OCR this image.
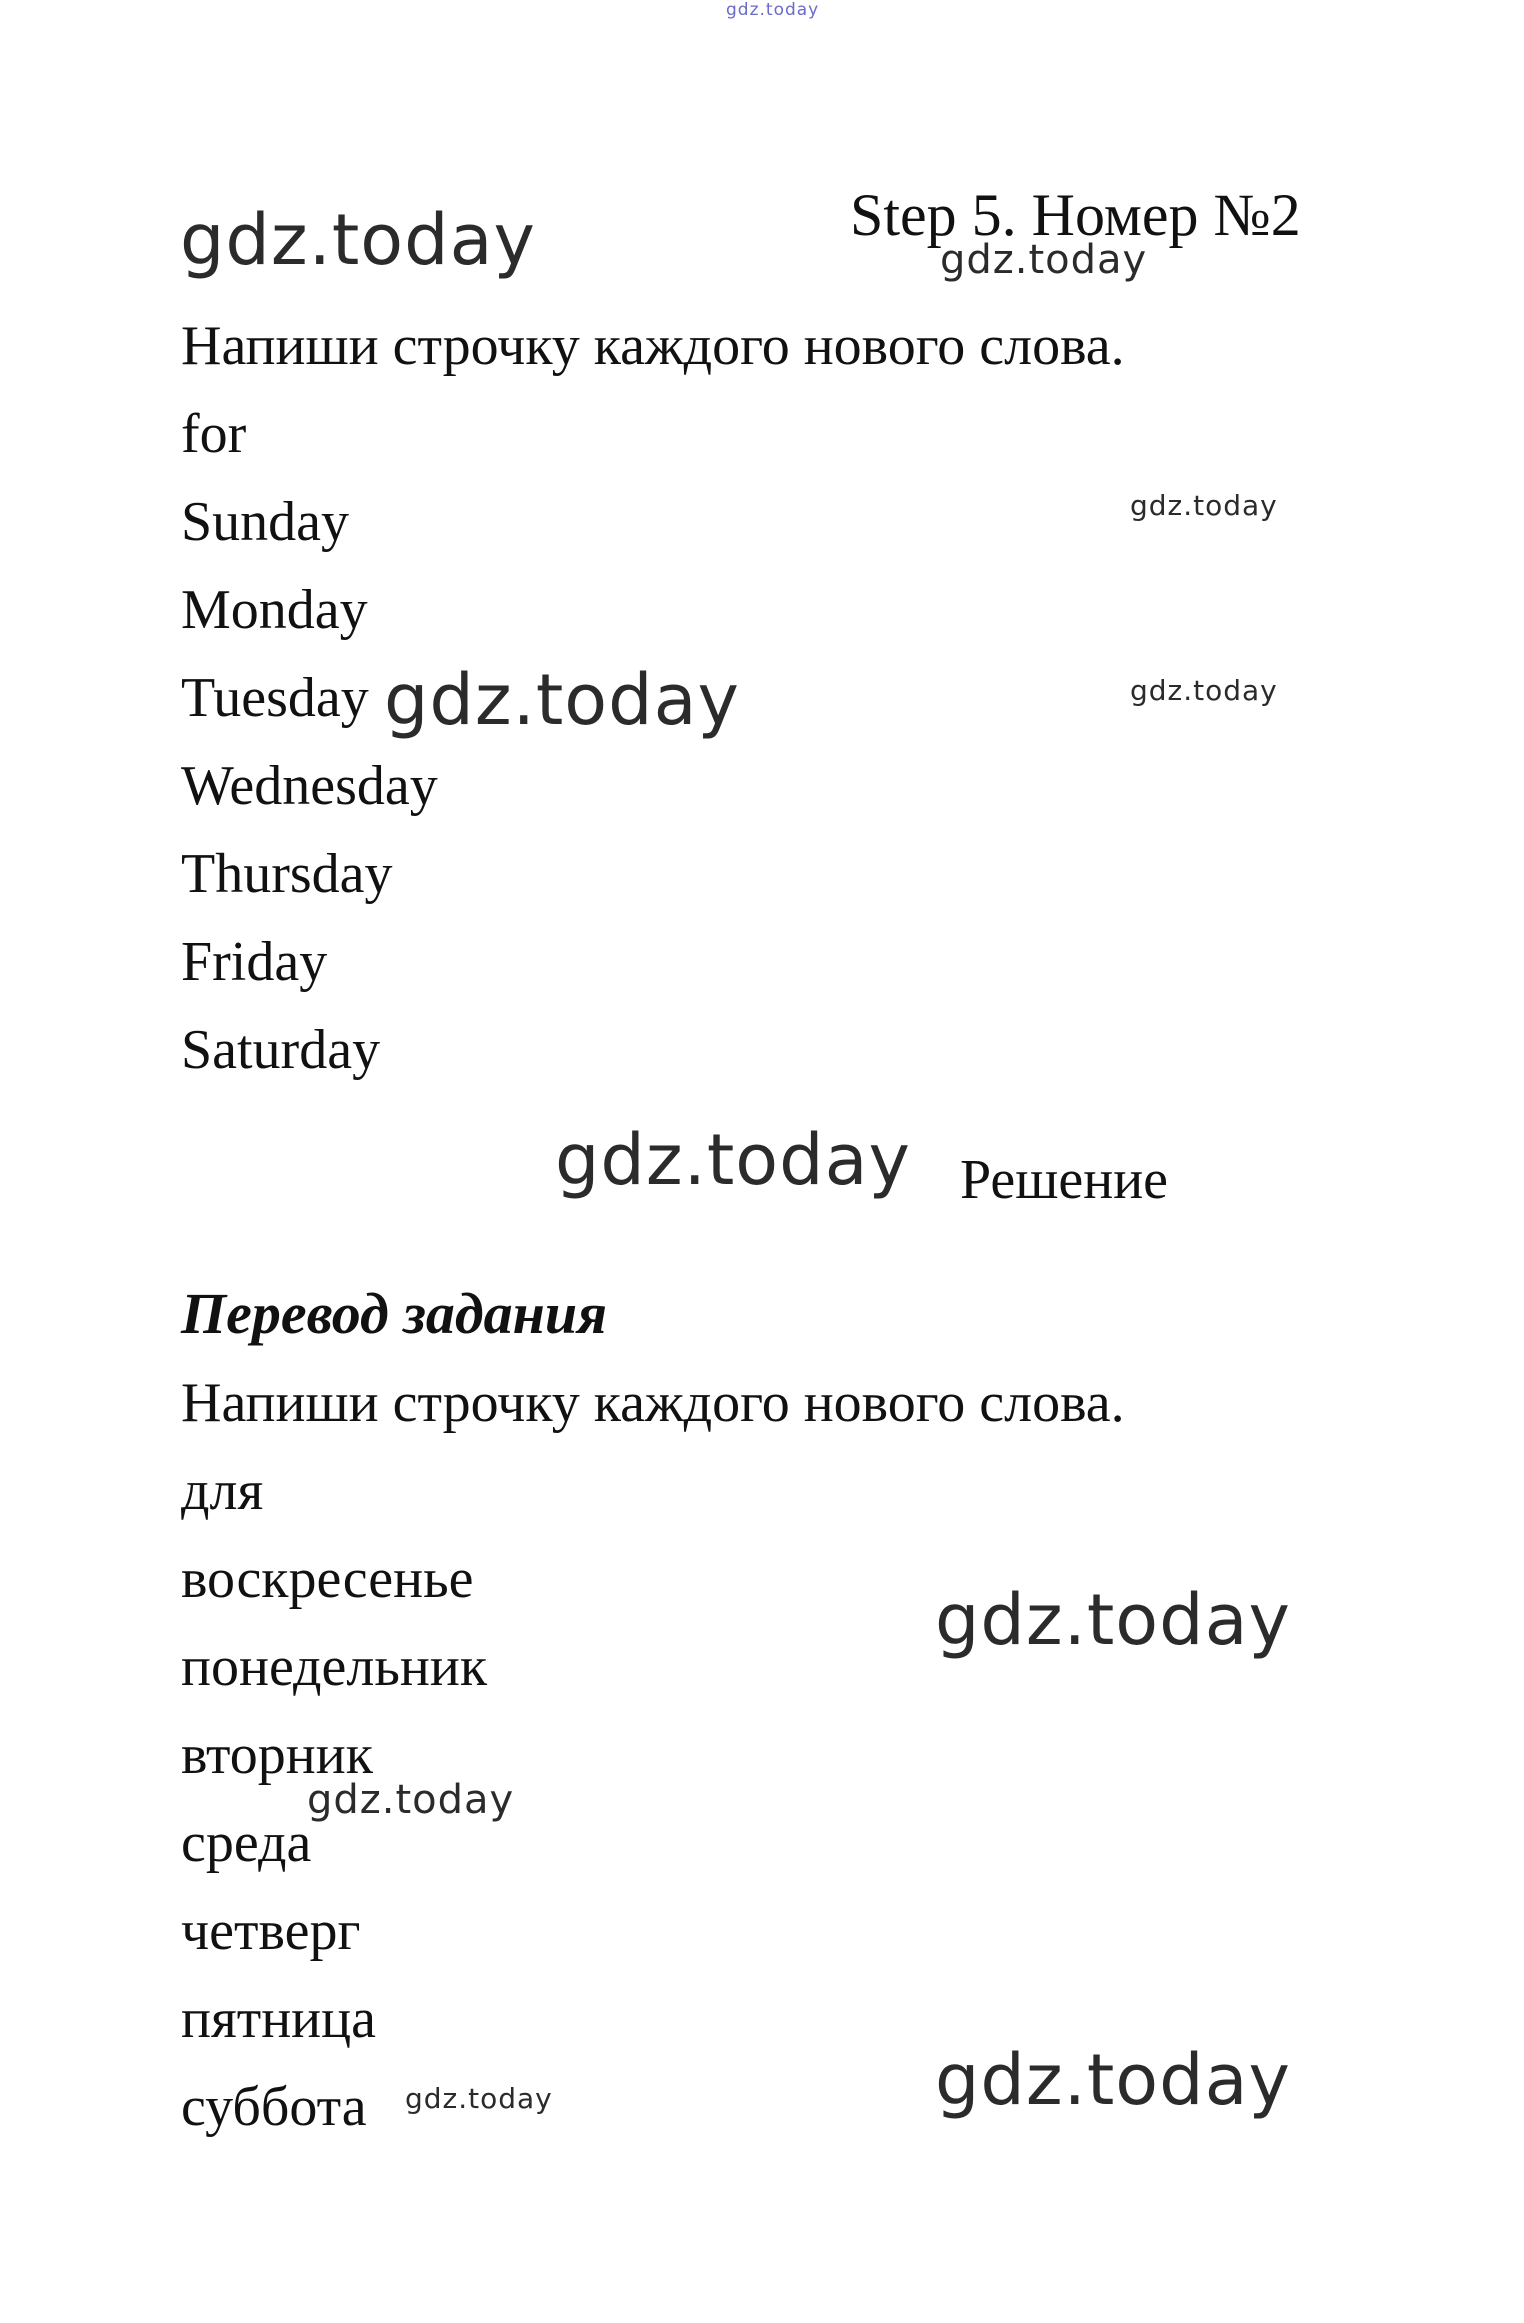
gdz.today
Step 5. Номер №2
Напиши строчку каждого нового слова.
for
Sunday
Monday
Tuesday
Wednesday
Thursday
Friday
Saturday
Решение
Перевод задания
Напиши строчку каждого нового слова.
для
воскресенье
понедельник
вторник
среда
четверг
пятница
суббота
gdz.today	gdz.today
gdz.today
gdz.today	gdz.today
gdz.today
gdz.today
gdz.today
gdz.today	gdz.today
